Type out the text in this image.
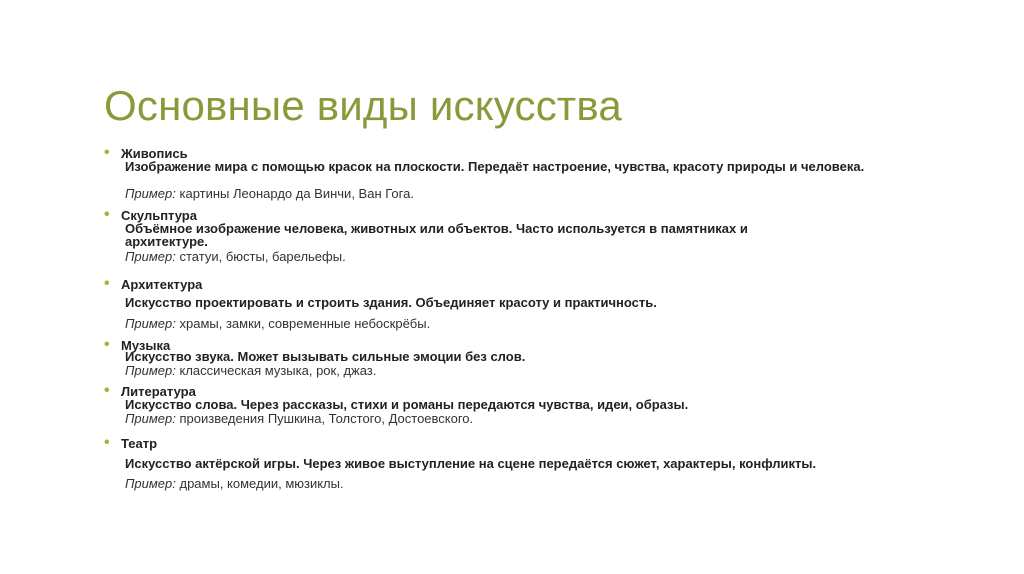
Основные виды искусства
• Живопись
Изображение мира с помощью красок на плоскости. Передаёт настроение, чувства, красоту природы и человека.
Пример: картины Леонардо да Винчи, Ван Гога.
• Скульптура
Объёмное изображение человека, животных или объектов. Часто используется в памятниках и архитектуре.
Пример: статуи, бюсты, барельефы.
• Архитектура
Искусство проектировать и строить здания. Объединяет красоту и практичность.
Пример: храмы, замки, современные небоскрёбы.
• Музыка
Искусство звука. Может вызывать сильные эмоции без слов.
Пример: классическая музыка, рок, джаз.
• Литература
Искусство слова. Через рассказы, стихи и романы передаются чувства, идеи, образы.
Пример: произведения Пушкина, Толстого, Достоевского.
• Театр
Искусство актёрской игры. Через живое выступление на сцене передаётся сюжет, характеры, конфликты.
Пример: драмы, комедии, мюзиклы.
